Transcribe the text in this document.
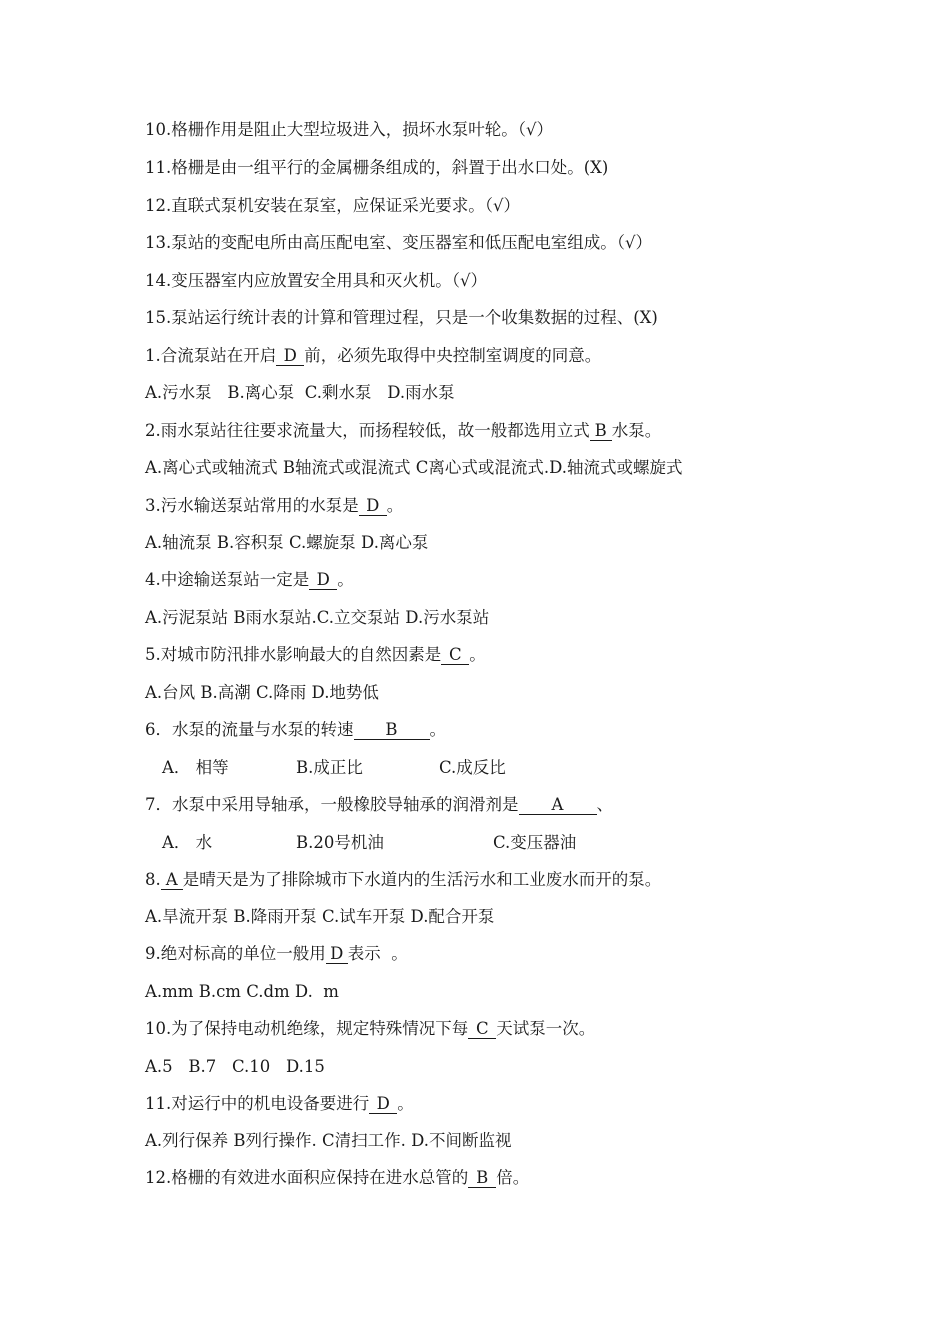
10.格栅作用是阻止大型垃圾进入，损坏水泵叶轮。（√）
11.格栅是由一组平行的金属栅条组成的，斜置于出水口处。(X)
12.直联式泵机安装在泵室，应保证采光要求。（√）
13.泵站的变配电所由高压配电室、变压器室和低压配电室组成。（√）
14.变压器室内应放置安全用具和灭火机。（√）
15.泵站运行统计表的计算和管理过程，只是一个收集数据的过程、(X)
1.合流泵站在开启 D 前，必须先取得中央控制室调度的同意。
A.污水泵   B.离心泵  C.剩水泵   D.雨水泵
2.雨水泵站往往要求流量大，而扬程较低，故一般都选用立式 B 水泵。
A.离心式或轴流式 B轴流式或混流式 C离心式或混流式.D.轴流式或螺旋式
3.污水输送泵站常用的水泵是 D 。
A.轴流泵 B.容积泵 C.螺旋泵 D.离心泵
4.中途输送泵站一定是 D 。
A.污泥泵站 B雨水泵站.C.立交泵站 D.污水泵站
5.对城市防汛排水影响最大的自然因素是 C 。
A.台风 B.高潮 C.降雨 D.地势低
6．水泵的流量与水泵的转速 B 。
A． 相等	B.成正比	C.成反比
7．水泵中采用导轴承，一般橡胶导轴承的润滑剂是 A 、
A． 水	B.20号机油	C.变压器油
8. A 是晴天是为了排除城市下水道内的生活污水和工业废水而开的泵。
A.旱流开泵 B.降雨开泵 C.试车开泵 D.配合开泵
9.绝对标高的单位一般用 D 表示  。
A.mm B.cm C.dm D.  m
10.为了保持电动机绝缘，规定特殊情况下每 C 天试泵一次。
A.5   B.7   C.10   D.15
11.对运行中的机电设备要进行 D 。
A.列行保养 B列行操作. C清扫工作. D.不间断监视
12.格栅的有效进水面积应保持在进水总管的 B 倍。
